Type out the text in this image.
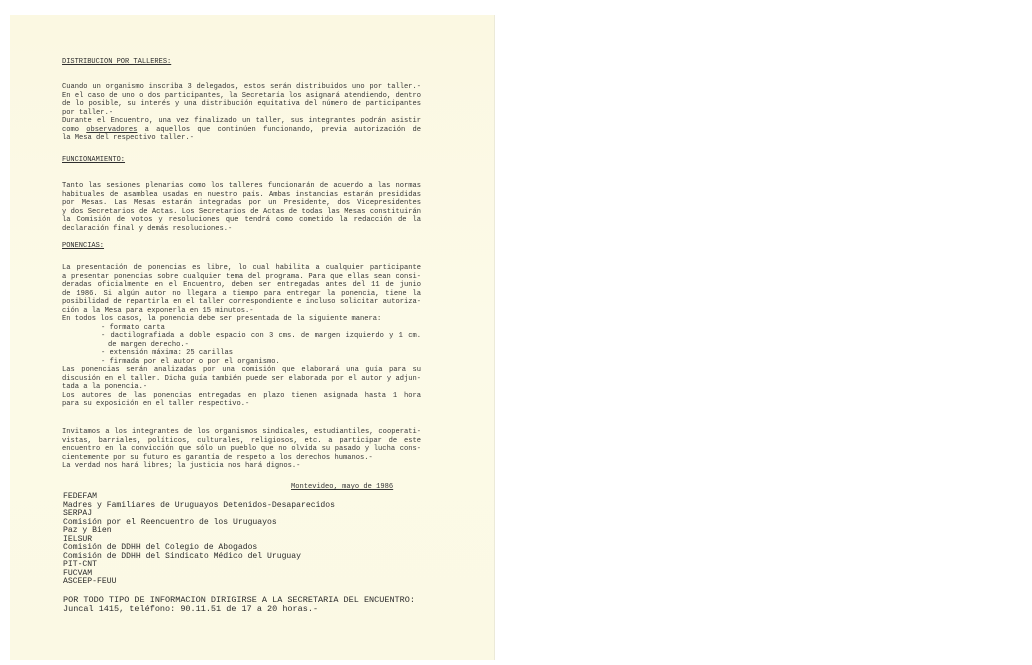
DISTRIBUCION POR TALLERES:
Cuando un organismo inscriba 3 delegados, estos serán distribuidos uno por taller.-
En el caso de uno o dos participantes, la Secretaría los asignará atendiendo, dentro
de lo posible, su interés y una distribución equitativa del número de participantes
por taller.-
Durante el Encuentro, una vez finalizado un taller, sus integrantes podrán asistir
como observadores a aquellos que continúen funcionando, previa autorización de
la Mesa del respectivo taller.-
FUNCIONAMIENTO:
Tanto las sesiones plenarias como los talleres funcionarán de acuerdo a las normas
habituales de asamblea usadas en nuestro país. Ambas instancias estarán presididas
por Mesas. Las Mesas estarán integradas por un Presidente, dos Vicepresidentes
y dos Secretarios de Actas. Los Secretarios de Actas de todas las Mesas constituirán
la Comisión de votos y resoluciones que tendrá como cometido la redacción de la
declaración final y demás resoluciones.-
PONENCIAS:
La presentación de ponencias es libre, lo cual habilita a cualquier participante
a presentar ponencias sobre cualquier tema del programa. Para que ellas sean consi-
deradas oficialmente en el Encuentro, deben ser entregadas antes del 11 de junio
de 1986. Si algún autor no llegara a tiempo para entregar la ponencia, tiene la
posibilidad de repartirla en el taller correspondiente e incluso solicitar autoriza-
ción a la Mesa para exponerla en 15 minutos.-
En todos los casos, la ponencia debe ser presentada de la siguiente manera:
- formato carta
- dactilografiada a doble espacio con 3 cms. de margen izquierdo y 1 cm.
de margen derecho.-
- extensión máxima: 25 carillas
- firmada por el autor o por el organismo.
Las ponencias serán analizadas por una comisión que elaborará una guía para su
discusión en el taller. Dicha guía también puede ser elaborada por el autor y adjun-
tada a la ponencia.-
Los autores de las ponencias entregadas en plazo tienen asignada hasta 1 hora
para su exposición en el taller respectivo.-
Invitamos a los integrantes de los organismos sindicales, estudiantiles, cooperati-
vistas, barriales, políticos, culturales, religiosos, etc. a participar de este
encuentro en la convicción que sólo un pueblo que no olvida su pasado y lucha cons-
cientemente por su futuro es garantía de respeto a los derechos humanos.-
La verdad nos hará libres; la justicia nos hará dignos.-
Montevideo, mayo de 1986
FEDEFAM
Madres y Familiares de Uruguayos Detenidos-Desaparecidos
SERPAJ
Comisión por el Reencuentro de los Uruguayos
Paz y Bien
IELSUR
Comisión de DDHH del Colegio de Abogados
Comisión de DDHH del Sindicato Médico del Uruguay
PIT-CNT
FUCVAM
ASCEEP-FEUU
POR TODO TIPO DE INFORMACION DIRIGIRSE A LA SECRETARIA DEL ENCUENTRO:
Juncal 1415, teléfono: 90.11.51 de 17 a 20 horas.-
